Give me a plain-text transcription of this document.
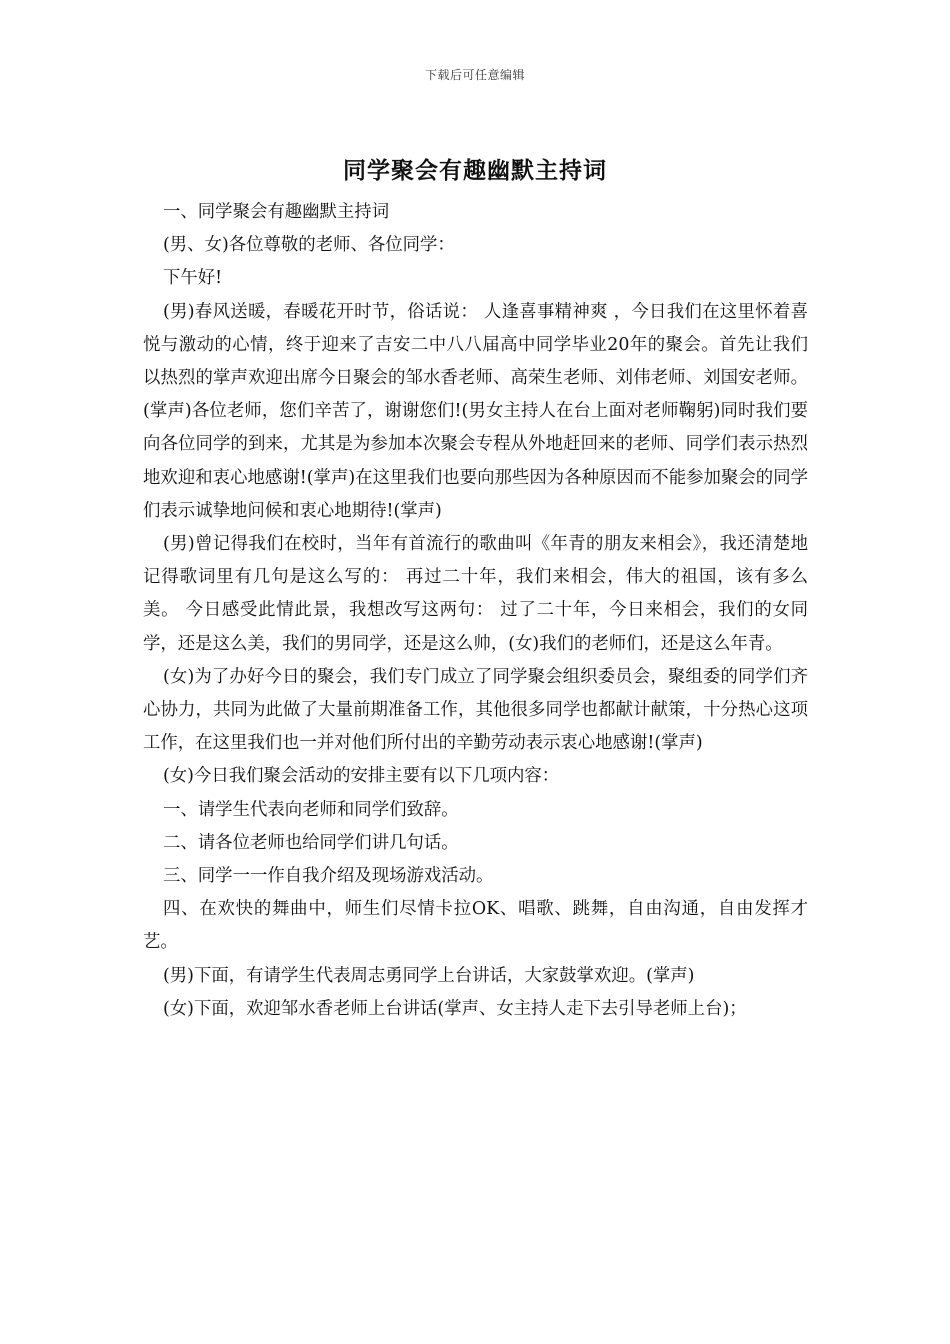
下载后可任意编辑
同学聚会有趣幽默主持词

一、同学聚会有趣幽默主持词

(男、女)各位尊敬的老师、各位同学：

下午好!

(男)春风送暖，春暖花开时节，俗话说： 人逢喜事精神爽 ，今日我们在这里怀着喜悦与激动的心情，终于迎来了吉安二中八八届高中同学毕业20年的聚会。首先让我们以热烈的掌声欢迎出席今日聚会的邹水香老师、高荣生老师、刘伟老师、刘国安老师。(掌声)各位老师，您们辛苦了，谢谢您们!(男女主持人在台上面对老师鞠躬)同时我们要向各位同学的到来，尤其是为参加本次聚会专程从外地赶回来的老师、同学们表示热烈地欢迎和衷心地感谢!(掌声)在这里我们也要向那些因为各种原因而不能参加聚会的同学们表示诚挚地问候和衷心地期待!(掌声)

(男)曾记得我们在校时，当年有首流行的歌曲叫《年青的朋友来相会》，我还清楚地记得歌词里有几句是这么写的： 再过二十年，我们来相会，伟大的祖国，该有多么美。 今日感受此情此景，我想改写这两句： 过了二十年，今日来相会，我们的女同学，还是这么美，我们的男同学，还是这么帅，(女)我们的老师们，还是这么年青。

(女)为了办好今日的聚会，我们专门成立了同学聚会组织委员会，聚组委的同学们齐心协力，共同为此做了大量前期准备工作，其他很多同学也都献计献策，十分热心这项工作，在这里我们也一并对他们所付出的辛勤劳动表示衷心地感谢!(掌声)

(女)今日我们聚会活动的安排主要有以下几项内容：

一、请学生代表向老师和同学们致辞。

二、请各位老师也给同学们讲几句话。

三、同学一一作自我介绍及现场游戏活动。

四、在欢快的舞曲中，师生们尽情卡拉OK、唱歌、跳舞，自由沟通，自由发挥才艺。

(男)下面，有请学生代表周志勇同学上台讲话，大家鼓掌欢迎。(掌声)

(女)下面，欢迎邹水香老师上台讲话(掌声、女主持人走下去引导老师上台)；
